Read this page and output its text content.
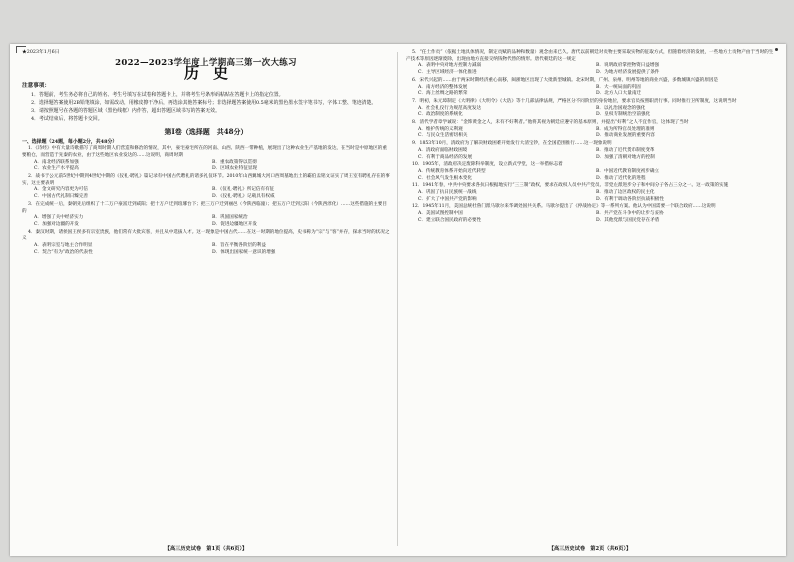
★2023年1月6日
2022—2023学年度上学期高三第一次大练习
历史
注意事项：

1．答题前，考生务必将自己的姓名、考生号填写在试卷和答题卡上，并将考生号条形码粘贴在答题卡上的指定位置。

2．选择题答案使用2B铅笔填涂，如需改动，用橡皮擦干净后，再选涂其他答案标号；非选择题答案使用0.5毫米的黑色墨水签字笔书写，字体工整、笔迹清楚。

3．请按照题号在各题的答题区域（黑色线框）内作答，超出答题区域书写的答案无效。

4．考试结束后，将答题卡交回。

第Ⅰ卷（选择题　共48分）
一、选择题（24题，每小题2分，共48分）
1．《诗经》中有大量诗歌描写了商周时期人们营造和修治的情况，其中，豪宅豪宅所在的河南、山西、陕西一带种植，展现出了这种农业生产基地的发达，在当时是中原地区的重要粮仓，而营造于先秦的农业，由于这些地区农业发达的……这说明，商周时期
A．南北经济联系加强	B．重农政策得以贯彻
C．农业生产水平提高	D．区域农业特征显现
2．战书于公元前5世纪中期到4世纪中期的《仪礼·聘礼》篇记录有中国古代聘礼的诸多礼仪环节。2010年山西翼城大河口西周墓地出土的霸伯盂铭文证实了周王室有聘礼存在的事实，这主要表明
A．金文研究内容更为可信	B．《仪礼·聘礼》所记信有有征
C．中国古代礼制日臻完善	D．《仪礼·聘礼》记载具有权威
3．在完成统一后，秦朝先后组织了十二万户豪富迁到咸阳；把十万户迁到琅琊台下；把三万户迁到丽邑（今陕西临潼）；把五万户迁到云阳（今陕西淳化）……这些措施的主要目的
A．增强了关中经济实力	B．巩固国家统治
C．加强对边疆的开发	D．促进边疆地区开发
4．秦汉时期，诸侯国王侯多有宗室贵族，他们常有大批宾客，并且从中选拔人才。这一现象是中国古代……在这一时期的地位提高，史书称为“宗”与“客”并存，探求当时的状况之义
A．表明宗室与地主合作明显	B．旨在平衡各阶层的利益
C．契合“有为”政治的代表性	D．体现出国家统一意识的增强
5．“任土作贡”（依据土地具体情况，制定贡赋的品种和数量）观念由来已久。唐代以前朝廷对贡物主要采取实物的征取方式，但随着经济的发展，一些地方土贡物产由于当时的生产技术等原因逐渐废除，出现由地方直接交纳钱物代替的情形。唐代朝廷的这一规定
A．表明中央对地方控制力减弱	B．说明政府掌控物资日益增强
C．主导区域经济一体化推进	D．为地方经济发展提供了条件
6．宋代兴起的……由于两宋时期经济重心南移，闽浙地区出现了大批新型城镇。北宋时期，广州、泉州、明州等地的商业兴盛，多数城镇兴盛的原因是
A．南方经济的整体发展	B．大一统局面的巩固
C．海上丝绸之路的繁荣	D．北方人口大量南迁
7．明初，朱元璋制定《大明律》《大明令》《大诰》等十几部法律法规，严格区分不同阶层的身份地位，要求官员按照职责行事。同时推行卫所制度，这说明当时
A．社会礼仪行为规范高度发达	B．以礼治国观念的强化
C．政治制度的系统化	D．皇权专制统治空前强化
8．清代学者章学诚说：“金饰黄金之人，未有不好利者。”他将其视为朝廷应遵守的基本原则，并提出“好利”之人不宜作官，这体现了当时
A．维护传统的义利观	B．成为所得官员处理的准则
C．与民众生活密切相关	D．推动商业发展的重要内容
9．1853年10月，清政府为了解决财政困难开始发行大清宝钞，在全国范围推行……这一现象说明
A．清政府面临财政困境	B．推动了近代货币制度变革
C．有利于商品经济的发展	D．加强了清朝对地方的控制
10．1905年，清政府决定废除科举制度，设立新式学堂，这一举措标志着
A．传统教育体系开始向近代转型	B．中国近代教育制度初步确立
C．社会风气发生根本变化	D．推动了近代化的进程
11．1941年春，中共中央要求各抗日根据地实行“三三制”政权，要求在政权人员中共产党员、非党左派进步分子和中间分子各占三分之一。这一政策的实施
A．巩固了抗日民族统一战线	B．推动了边区政权的民主化
C．扩大了中国共产党的影响	D．有利于调动各阶层抗战积极性
12．1945年11月，美国总统杜鲁门派马歇尔来华调处国共关系。马歇尔提出了《停战协定》等一系列方案。他认为中国需要一个联合政府……这说明
A．美国试图控制中国	B．共产党在斗争中的让步与妥协
C．建立联合国民政府的必要性	D．其他党派与国民党存在矛盾
【高三历史试卷　第1页（共6页）】	【高三历史试卷　第2页（共6页）】
